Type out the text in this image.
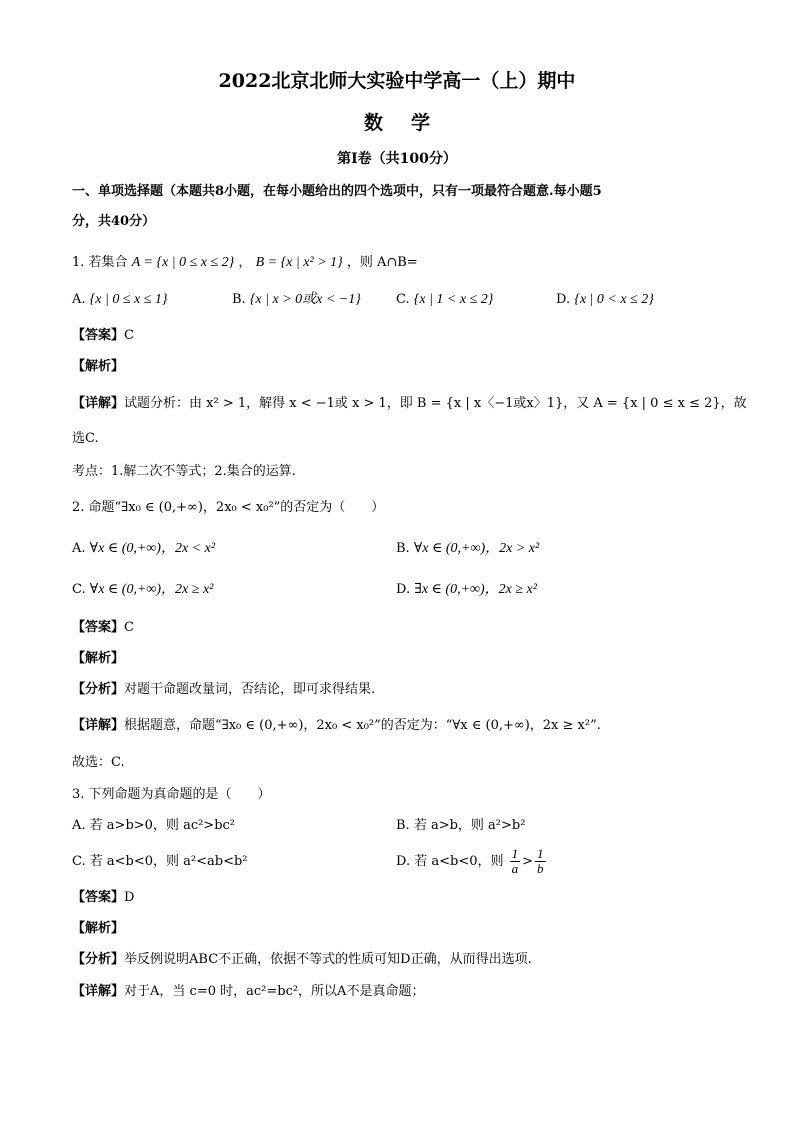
2022北京北师大实验中学高一（上）期中
数学
第I卷（共100分）
一、单项选择题（本题共8小题，在每小题给出的四个选项中，只有一项最符合题意.每小题5
分，共40分）
1. 若集合 A = {x | 0 ≤ x ≤ 2} ， B = {x | x² > 1} ，则 A∩B=
A. {x | 0 ≤ x ≤ 1}	B. {x | x > 0或x < −1}	C. {x | 1 < x ≤ 2}	D. {x | 0 < x ≤ 2}
【答案】C
【解析】
【详解】试题分析：由 x² > 1，解得 x < −1或 x > 1，即 B = {x | x〈−1或x〉1}，又 A = {x | 0 ≤ x ≤ 2}，故
选C.
考点：1.解二次不等式；2.集合的运算.
2. 命题“∃x₀ ∈ (0,+∞)，2x₀ < x₀²”的否定为（　　）
A. ∀x ∈ (0,+∞)，2x < x²	B. ∀x ∈ (0,+∞)，2x > x²
C. ∀x ∈ (0,+∞)，2x ≥ x²	D. ∃x ∈ (0,+∞)，2x ≥ x²
【答案】C
【解析】
【分析】对题干命题改量词，否结论，即可求得结果.
【详解】根据题意，命题“∃x₀ ∈ (0,+∞)，2x₀ < x₀²”的否定为：“∀x ∈ (0,+∞)，2x ≥ x²”.
故选：C.
3. 下列命题为真命题的是（　　）
A. 若 a>b>0，则 ac²>bc²	B. 若 a>b，则 a²>b²
C. 若 a<b<0，则 a²<ab<b²	D. 若 a<b<0，则 $\frac{1}{a} > \frac{1}{b}$
【答案】D
【解析】
【分析】举反例说明ABC不正确，依据不等式的性质可知D正确，从而得出选项.
【详解】对于A，当 c=0 时，ac²=bc²，所以A不是真命题；
